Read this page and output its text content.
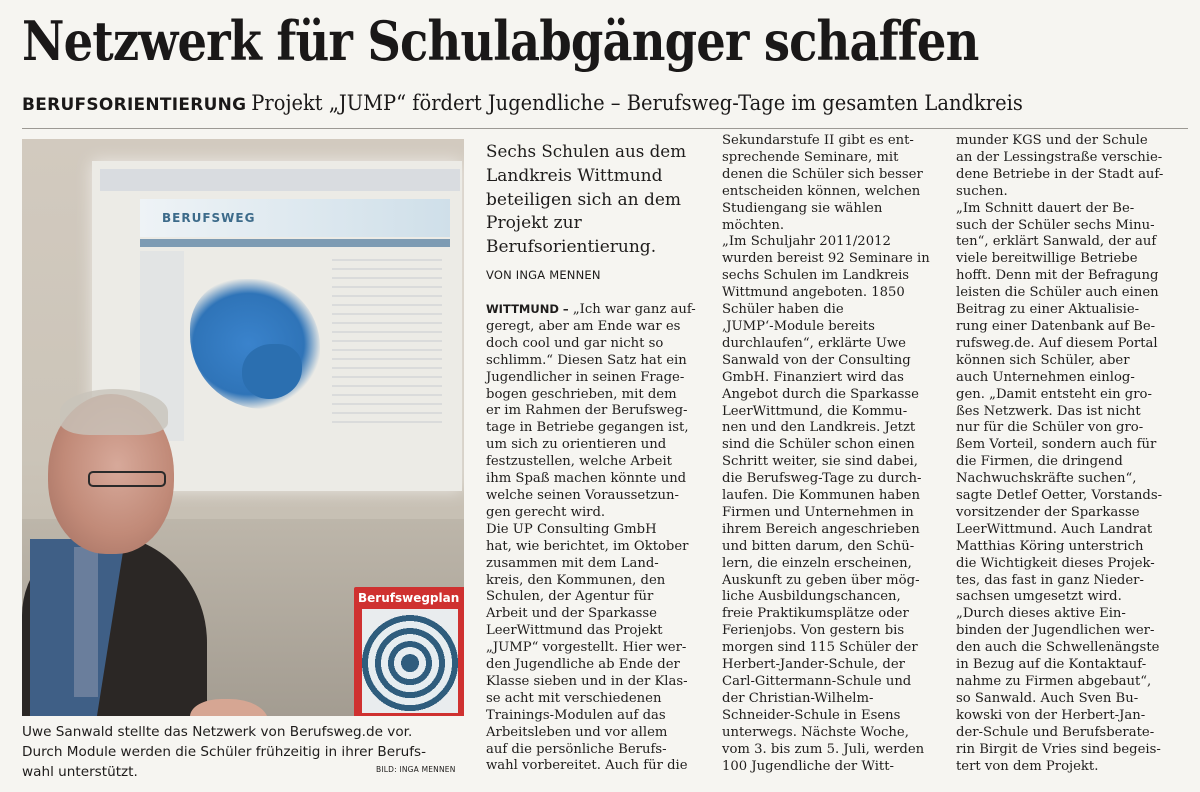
Netzwerk für Schulabgänger schaffen
BERUFSORIENTIERUNG Projekt „JUMP“ fördert Jugendliche – Berufsweg-Tage im gesamten Landkreis
BERUFSWEG
Berufswegplan
Uwe Sanwald stellte das Netzwerk von Berufsweg.de vor.
Durch Module werden die Schüler frühzeitig in ihrer Berufs-
wahl unterstützt.	BILD: INGA MENNEN
Sechs Schulen aus dem
Landkreis Wittmund
beteiligen sich an dem
Projekt zur
Berufsorientierung.
VON INGA MENNEN
WITTMUND – „Ich war ganz auf-
geregt, aber am Ende war es
doch cool und gar nicht so
schlimm.“ Diesen Satz hat ein
Jugendlicher in seinen Frage-
bogen geschrieben, mit dem
er im Rahmen der Berufsweg-
tage in Betriebe gegangen ist,
um sich zu orientieren und
festzustellen, welche Arbeit
ihm Spaß machen könnte und
welche seinen Voraussetzun-
gen gerecht wird.
Die UP Consulting GmbH
hat, wie berichtet, im Oktober
zusammen mit dem Land-
kreis, den Kommunen, den
Schulen, der Agentur für
Arbeit und der Sparkasse
LeerWittmund das Projekt
„JUMP“ vorgestellt. Hier wer-
den Jugendliche ab Ende der
Klasse sieben und in der Klas-
se acht mit verschiedenen
Trainings-Modulen auf das
Arbeitsleben und vor allem
auf die persönliche Berufs-
wahl vorbereitet. Auch für die
Sekundarstufe II gibt es ent-
sprechende Seminare, mit
denen die Schüler sich besser
entscheiden können, welchen
Studiengang sie wählen
möchten.
„Im Schuljahr 2011/2012
wurden bereist 92 Seminare in
sechs Schulen im Landkreis
Wittmund angeboten. 1850
Schüler haben die
‚JUMP‘-Module bereits
durchlaufen“, erklärte Uwe
Sanwald von der Consulting
GmbH. Finanziert wird das
Angebot durch die Sparkasse
LeerWittmund, die Kommu-
nen und den Landkreis. Jetzt
sind die Schüler schon einen
Schritt weiter, sie sind dabei,
die Berufsweg-Tage zu durch-
laufen. Die Kommunen haben
Firmen und Unternehmen in
ihrem Bereich angeschrieben
und bitten darum, den Schü-
lern, die einzeln erscheinen,
Auskunft zu geben über mög-
liche Ausbildungschancen,
freie Praktikumsplätze oder
Ferienjobs. Von gestern bis
morgen sind 115 Schüler der
Herbert-Jander-Schule, der
Carl-Gittermann-Schule und
der Christian-Wilhelm-
Schneider-Schule in Esens
unterwegs. Nächste Woche,
vom 3. bis zum 5. Juli, werden
100 Jugendliche der Witt-
munder KGS und der Schule
an der Lessingstraße verschie-
dene Betriebe in der Stadt auf-
suchen.
„Im Schnitt dauert der Be-
such der Schüler sechs Minu-
ten“, erklärt Sanwald, der auf
viele bereitwillige Betriebe
hofft. Denn mit der Befragung
leisten die Schüler auch einen
Beitrag zu einer Aktualisie-
rung einer Datenbank auf Be-
rufsweg.de. Auf diesem Portal
können sich Schüler, aber
auch Unternehmen einlog-
gen. „Damit entsteht ein gro-
ßes Netzwerk. Das ist nicht
nur für die Schüler von gro-
ßem Vorteil, sondern auch für
die Firmen, die dringend
Nachwuchskräfte suchen“,
sagte Detlef Oetter, Vorstands-
vorsitzender der Sparkasse
LeerWittmund. Auch Landrat
Matthias Köring unterstrich
die Wichtigkeit dieses Projek-
tes, das fast in ganz Nieder-
sachsen umgesetzt wird.
„Durch dieses aktive Ein-
binden der Jugendlichen wer-
den auch die Schwellenängste
in Bezug auf die Kontaktauf-
nahme zu Firmen abgebaut“,
so Sanwald. Auch Sven Bu-
kowski von der Herbert-Jan-
der-Schule und Berufsberate-
rin Birgit de Vries sind begeis-
tert von dem Projekt.
